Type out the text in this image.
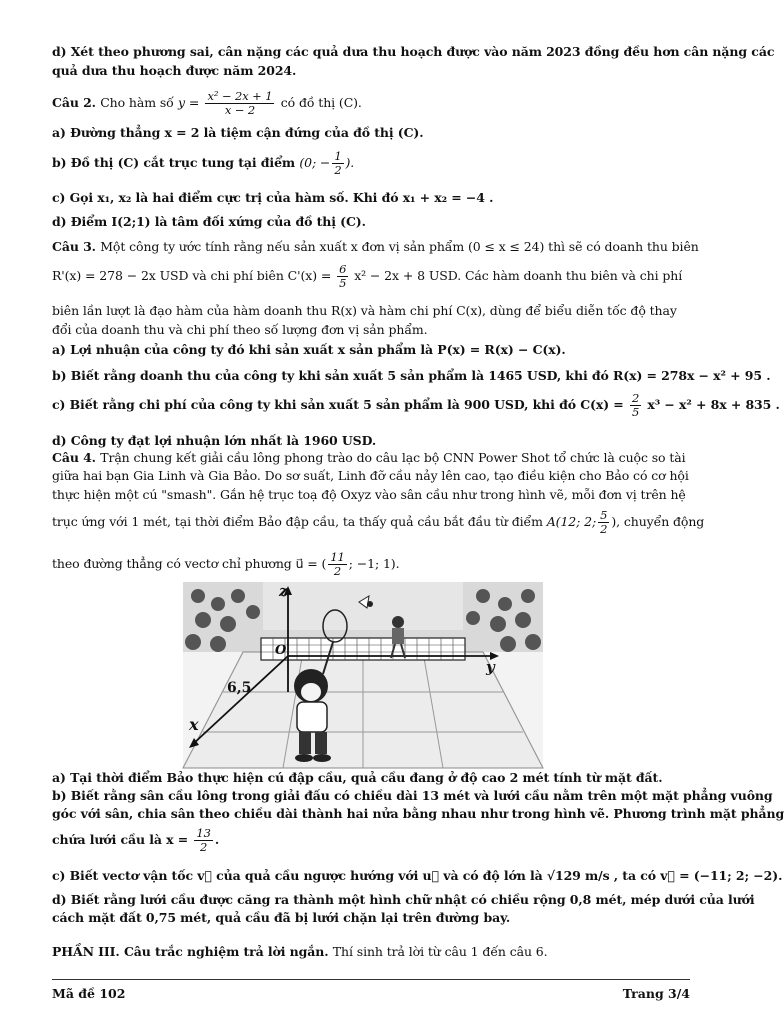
d) Xét theo phương sai, cân nặng các quả dưa thu hoạch được vào năm 2023 đồng đều hơn cân nặng các
quả dưa thu hoạch được năm 2024.
Câu 2. Cho hàm số $y = \frac{\text{x² − 2x + 1}}{x - 2}$ có đồ thị (C).
a) Đường thẳng x = 2 là tiệm cận đứng của đồ thị (C).
b) Đồ thị (C) cắt trục tung tại điểm (0; − $\frac{1}{2}$ ).
c) Gọi x₁, x₂ là hai điểm cực trị của hàm số. Khi đó x₁ + x₂ = −4 .
d) Điểm I(2;1) là tâm đối xứng của đồ thị (C).
Câu 3. Một công ty ước tính rằng nếu sản xuất x đơn vị sản phẩm (0 ≤ x ≤ 24) thì sẽ có doanh thu biên
R'(x) = 278 − 2x USD và chi phí biên $C'(x) = \frac{6}{5} x^2 - 2x + 8$ USD. Các hàm doanh thu biên và chi phí
biên lần lượt là đạo hàm của hàm doanh thu R(x) và hàm chi phí C(x), dùng để biểu diễn tốc độ thay
đổi của doanh thu và chi phí theo số lượng đơn vị sản phẩm.
a) Lợi nhuận của công ty đó khi sản xuất x sản phẩm là P(x) = R(x) − C(x).
b) Biết rằng doanh thu của công ty khi sản xuất 5 sản phẩm là 1465 USD, khi đó R(x) = 278x − x² + 95 .
c) Biết rằng chi phí của công ty khi sản xuất 5 sản phẩm là 900 USD, khi đó $C(x) = \frac{2}{5} x^3 - x^2 + 8x + 835$ .
d) Công ty đạt lợi nhuận lớn nhất là 1960 USD.
Câu 4. Trận chung kết giải cầu lông phong trào do câu lạc bộ CNN Power Shot tổ chức là cuộc so tài
giữa hai bạn Gia Linh và Gia Bảo. Do sơ suất, Linh đỡ cầu nảy lên cao, tạo điều kiện cho Bảo có cơ hội
thực hiện một cú "smash". Gắn hệ trục toạ độ Oxyz vào sân cầu như trong hình vẽ, mỗi đơn vị trên hệ
trục ứng với 1 mét, tại thời điểm Bảo đập cầu, ta thấy quả cầu bắt đầu từ điểm A(12; 2; $\frac{5}{2}$ ), chuyển động
theo đường thẳng có vectơ chỉ phương u⃗ = ( $\frac{11}{2}$ ; −1; 1).
z
O
y
x
6,5
a) Tại thời điểm Bảo thực hiện cú đập cầu, quả cầu đang ở độ cao 2 mét tính từ mặt đất.
b) Biết rằng sân cầu lông trong giải đấu có chiều dài 13 mét và lưới cầu nằm trên một mặt phẳng vuông
góc với sân, chia sân theo chiều dài thành hai nửa bằng nhau như trong hình vẽ. Phương trình mặt phẳng
chứa lưới cầu là $x = \frac{13}{2}$ .
c) Biết vectơ vận tốc v⃗ của quả cầu ngược hướng với u⃗ và có độ lớn là √129 m/s , ta có v⃗ = (−11; 2; −2).
d) Biết rằng lưới cầu được căng ra thành một hình chữ nhật có chiều rộng 0,8 mét, mép dưới của lưới
cách mặt đất 0,75 mét, quả cầu đã bị lưới chặn lại trên đường bay.
PHẦN III. Câu trắc nghiệm trả lời ngắn. Thí sinh trả lời từ câu 1 đến câu 6.
Mã đề 102	Trang 3/4
